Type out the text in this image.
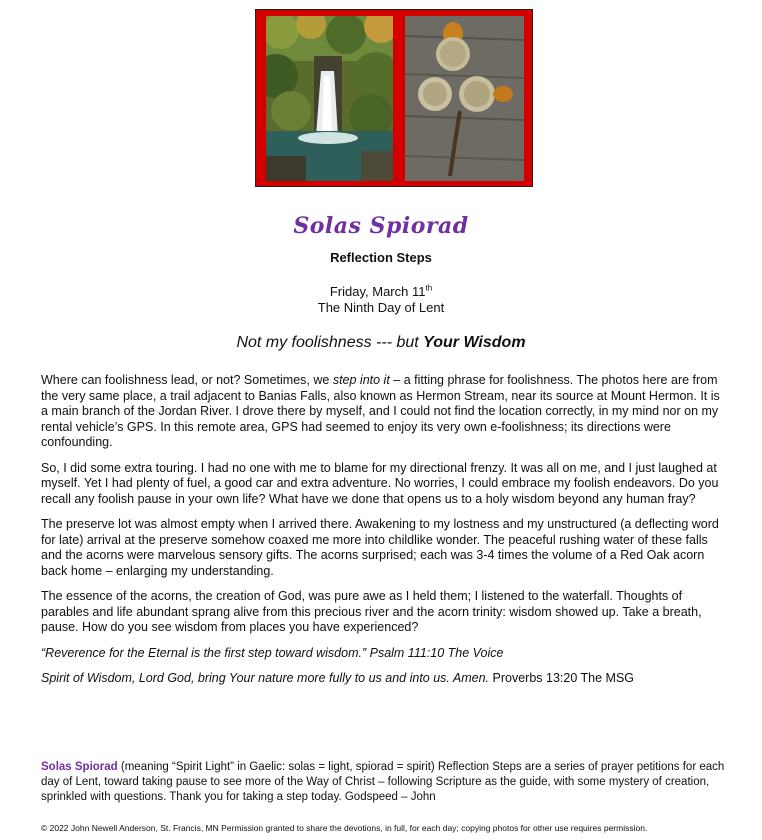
Solas Spiorad
Reflection Steps
Friday, March 11th
The Ninth Day of Lent
Not my foolishness --- but Your Wisdom

Where can foolishness lead, or not? Sometimes, we step into it – a fitting phrase for foolishness. The photos here are from the very same place, a trail adjacent to Banias Falls, also known as Hermon Stream, near its source at Mount Hermon. It is a main branch of the Jordan River. I drove there by myself, and I could not find the location correctly, in my mind nor on my rental vehicle’s GPS. In this remote area, GPS had seemed to enjoy its very own e-foolishness; its directions were confounding.

So, I did some extra touring. I had no one with me to blame for my directional frenzy. It was all on me, and I just laughed at myself. Yet I had plenty of fuel, a good car and extra adventure. No worries, I could embrace my foolish endeavors. Do you recall any foolish pause in your own life? What have we done that opens us to a holy wisdom beyond any human fray?

The preserve lot was almost empty when I arrived there. Awakening to my lostness and my unstructured (a deflecting word for late) arrival at the preserve somehow coaxed me more into childlike wonder. The peaceful rushing water of these falls and the acorns were marvelous sensory gifts. The acorns surprised; each was 3-4 times the volume of a Red Oak acorn back home – enlarging my understanding.

The essence of the acorns, the creation of God, was pure awe as I held them; I listened to the waterfall. Thoughts of parables and life abundant sprang alive from this precious river and the acorn trinity: wisdom showed up. Take a breath, pause. How do you see wisdom from places you have experienced?

“Reverence for the Eternal is the first step toward wisdom.” Psalm 111:10 The Voice

Spirit of Wisdom, Lord God, bring Your nature more fully to us and into us. Amen. Proverbs 13:20 The MSG

Solas Spiorad (meaning “Spirit Light” in Gaelic: solas = light, spiorad = spirit) Reflection Steps are a series of prayer petitions for each day of Lent, toward taking pause to see more of the Way of Christ – following Scripture as the guide, with some mystery of creation, sprinkled with questions. Thank you for taking a step today. Godspeed – John
© 2022 John Newell Anderson, St. Francis, MN Permission granted to share the devotions, in full, for each day; copying photos for other use requires permission.
